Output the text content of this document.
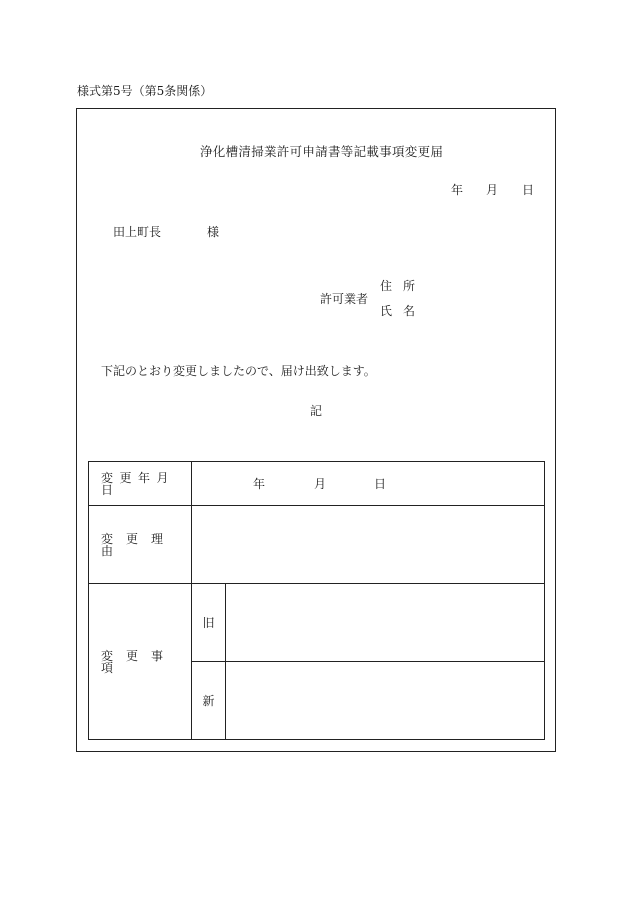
様式第5号（第5条関係）
浄化槽清掃業許可申請書等記載事項変更届
年 月 日
田上町長	様
許可業者
住所
氏名
下記のとおり変更しましたので、届け出致します。
記
変更年月日	年 月 日	

変更理由		
変更事項	旧	
	新	
